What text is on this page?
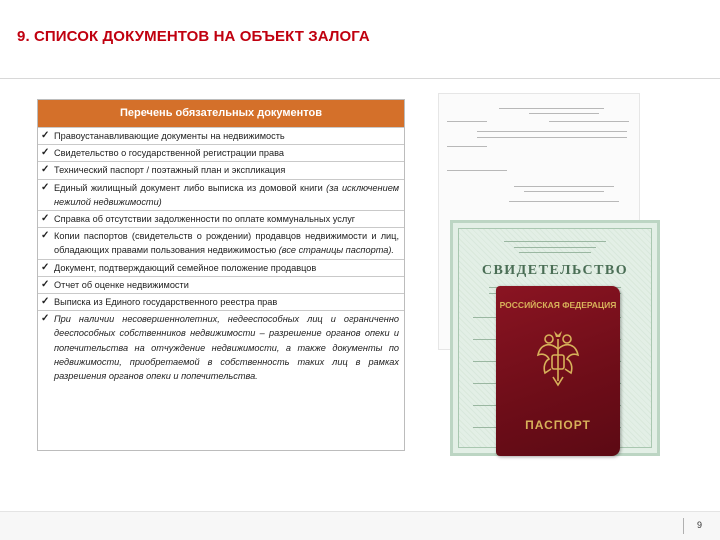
9. СПИСОК ДОКУМЕНТОВ НА ОБЪЕКТ ЗАЛОГА
Перечень обязательных документов
✓ Правоустанавливающие документы на недвижимость
✓ Свидетельство о государственной регистрации права
✓ Технический паспорт / поэтажный план и экспликация
✓ Единый жилищный документ либо выписка из домовой книги (за исключением нежилой недвижимости)
✓ Справка об отсутствии задолженности по оплате коммунальных услуг
✓ Копии паспортов (свидетельств о рождении) продавцов недвижимости и лиц, обладающих правами пользования недвижимостью (все страницы паспорта).
✓ Документ, подтверждающий семейное положение продавцов
✓ Отчет об оценке недвижимости
✓ Выписка из Единого государственного реестра прав
✓ При наличии несовершеннолетних, недееспособных лиц и ограниченно дееспособных собственников недвижимости – разрешение органов опеки и попечительства на отчуждение недвижимости, а также документы по недвижимости, приобретаемой в собственность таких лиц в рамках разрешения органов опеки и попечительства.
СВИДЕТЕЛЬСТВО
РОССИЙСКАЯ ФЕДЕРАЦИЯ
ПАСПОРТ
9
